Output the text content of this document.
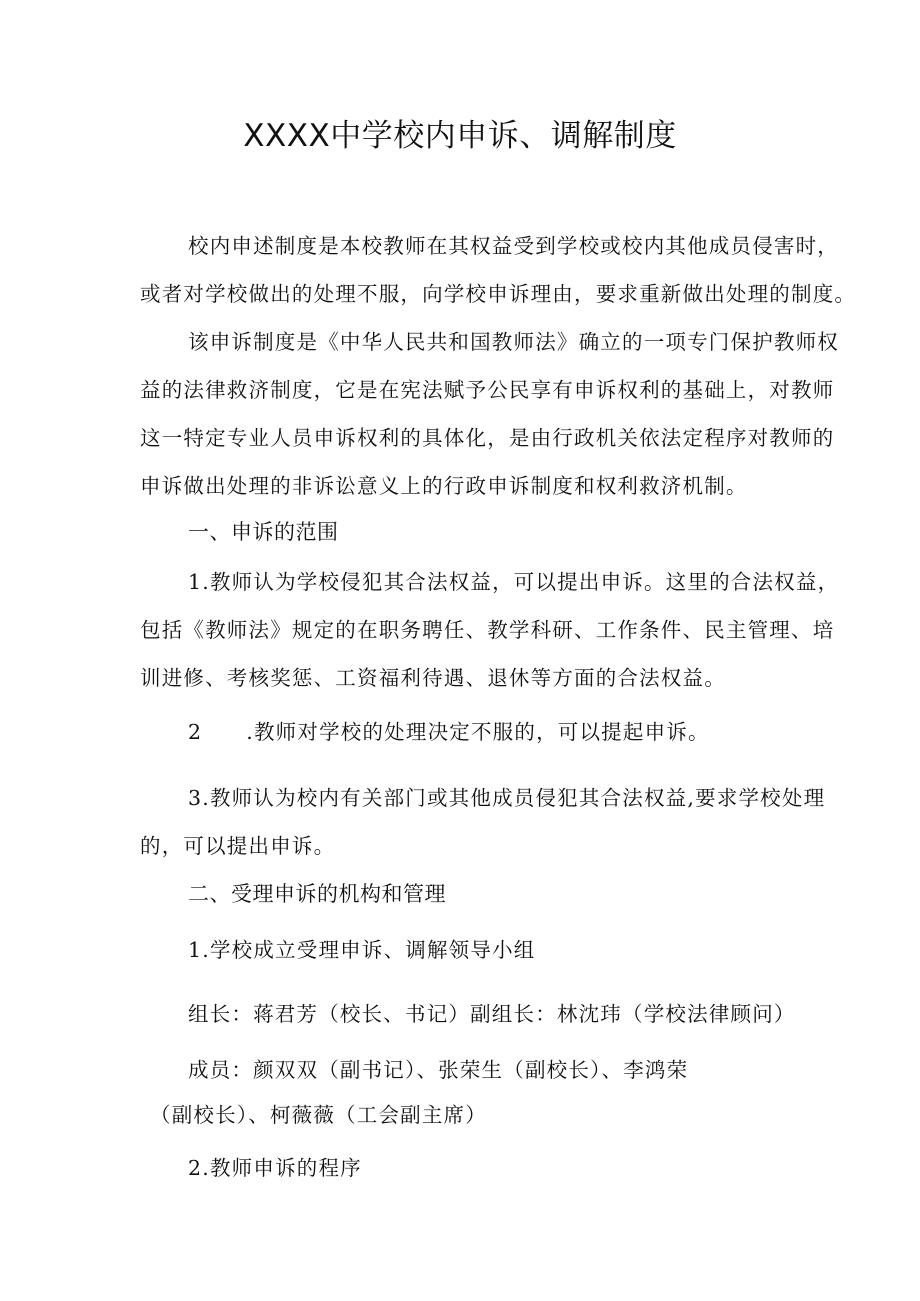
XXXX中学校内申诉、调解制度

校内申述制度是本校教师在其权益受到学校或校内其他成员侵害时，
或者对学校做出的处理不服，向学校申诉理由，要求重新做出处理的制度。

该申诉制度是《中华人民共和国教师法》确立的一项专门保护教师权
益的法律救济制度，它是在宪法赋予公民享有申诉权利的基础上，对教师
这一特定专业人员申诉权利的具体化，是由行政机关依法定程序对教师的
申诉做出处理的非诉讼意义上的行政申诉制度和权利救济机制。

一、申诉的范围

1.教师认为学校侵犯其合法权益，可以提出申诉。这里的合法权益，
包括《教师法》规定的在职务聘任、教学科研、工作条件、民主管理、培
训进修、考核奖惩、工资福利待遇、退休等方面的合法权益。

2 .教师对学校的处理决定不服的，可以提起申诉。

3.教师认为校内有关部门或其他成员侵犯其合法权益,要求学校处理
的，可以提出申诉。

二、受理申诉的机构和管理

1.学校成立受理申诉、调解领导小组

组长：蒋君芳（校长、书记）副组长：林沈玮（学校法律顾问）

成员：颜双双（副书记）、张荣生（副校长）、李鸿荣

（副校长）、柯薇薇（工会副主席）

2.教师申诉的程序
